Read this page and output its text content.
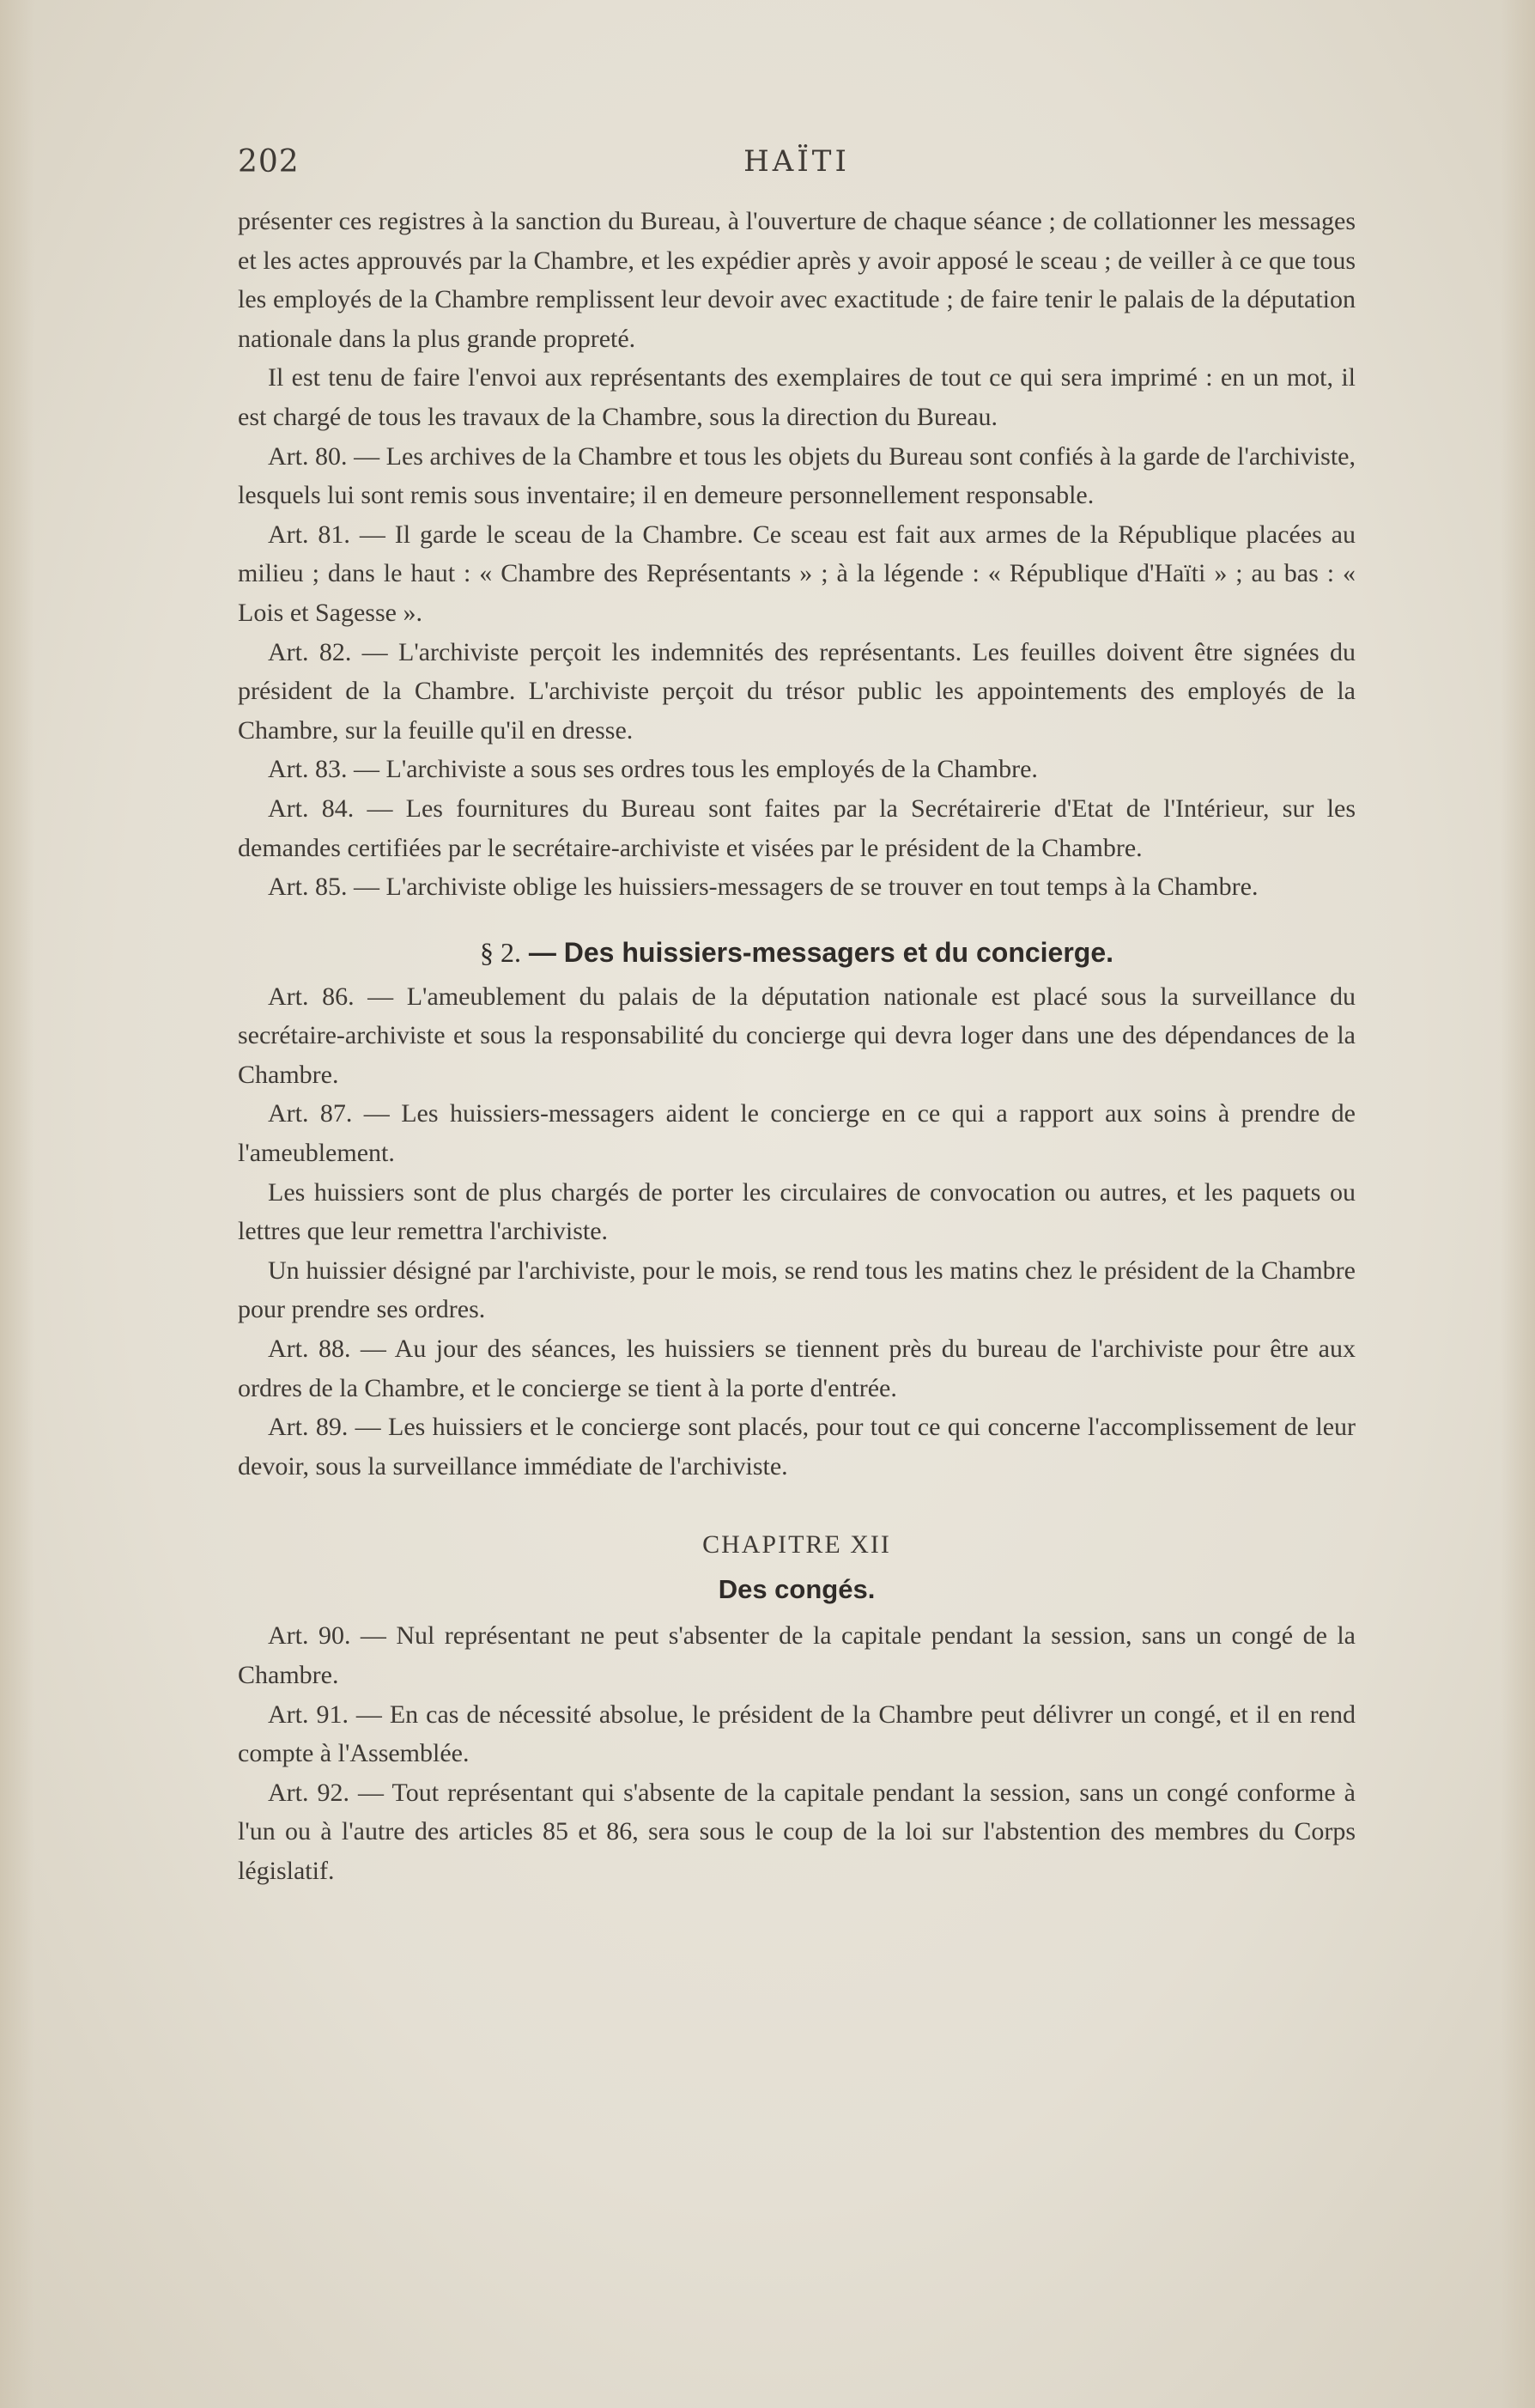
202	HAÏTI

présenter ces registres à la sanction du Bureau, à l'ouverture de chaque séance ; de collationner les messages et les actes approuvés par la Chambre, et les expédier après y avoir apposé le sceau ; de veiller à ce que tous les employés de la Chambre remplissent leur devoir avec exactitude ; de faire tenir le palais de la députation nationale dans la plus grande propreté.

Il est tenu de faire l'envoi aux représentants des exemplaires de tout ce qui sera imprimé : en un mot, il est chargé de tous les travaux de la Chambre, sous la direction du Bureau.

Art. 80. — Les archives de la Chambre et tous les objets du Bureau sont confiés à la garde de l'archiviste, lesquels lui sont remis sous inventaire; il en demeure personnellement responsable.

Art. 81. — Il garde le sceau de la Chambre. Ce sceau est fait aux armes de la République placées au milieu ; dans le haut : « Chambre des Représentants » ; à la légende : « République d'Haïti » ; au bas : « Lois et Sagesse ».

Art. 82. — L'archiviste perçoit les indemnités des représentants. Les feuilles doivent être signées du président de la Chambre. L'archiviste perçoit du trésor public les appointements des employés de la Chambre, sur la feuille qu'il en dresse.

Art. 83. — L'archiviste a sous ses ordres tous les employés de la Chambre.

Art. 84. — Les fournitures du Bureau sont faites par la Secrétairerie d'Etat de l'Intérieur, sur les demandes certifiées par le secrétaire-archiviste et visées par le président de la Chambre.

Art. 85. — L'archiviste oblige les huissiers-messagers de se trouver en tout temps à la Chambre.

§ 2. — Des huissiers-messagers et du concierge.

Art. 86. — L'ameublement du palais de la députation nationale est placé sous la surveillance du secrétaire-archiviste et sous la responsabilité du concierge qui devra loger dans une des dépendances de la Chambre.

Art. 87. — Les huissiers-messagers aident le concierge en ce qui a rapport aux soins à prendre de l'ameublement.

Les huissiers sont de plus chargés de porter les circulaires de convocation ou autres, et les paquets ou lettres que leur remettra l'archiviste.

Un huissier désigné par l'archiviste, pour le mois, se rend tous les matins chez le président de la Chambre pour prendre ses ordres.

Art. 88. — Au jour des séances, les huissiers se tiennent près du bureau de l'archiviste pour être aux ordres de la Chambre, et le concierge se tient à la porte d'entrée.

Art. 89. — Les huissiers et le concierge sont placés, pour tout ce qui concerne l'accomplissement de leur devoir, sous la surveillance immédiate de l'archiviste.

CHAPITRE XII

Des congés.

Art. 90. — Nul représentant ne peut s'absenter de la capitale pendant la session, sans un congé de la Chambre.

Art. 91. — En cas de nécessité absolue, le président de la Chambre peut délivrer un congé, et il en rend compte à l'Assemblée.

Art. 92. — Tout représentant qui s'absente de la capitale pendant la session, sans un congé conforme à l'un ou à l'autre des articles 85 et 86, sera sous le coup de la loi sur l'abstention des membres du Corps législatif.
